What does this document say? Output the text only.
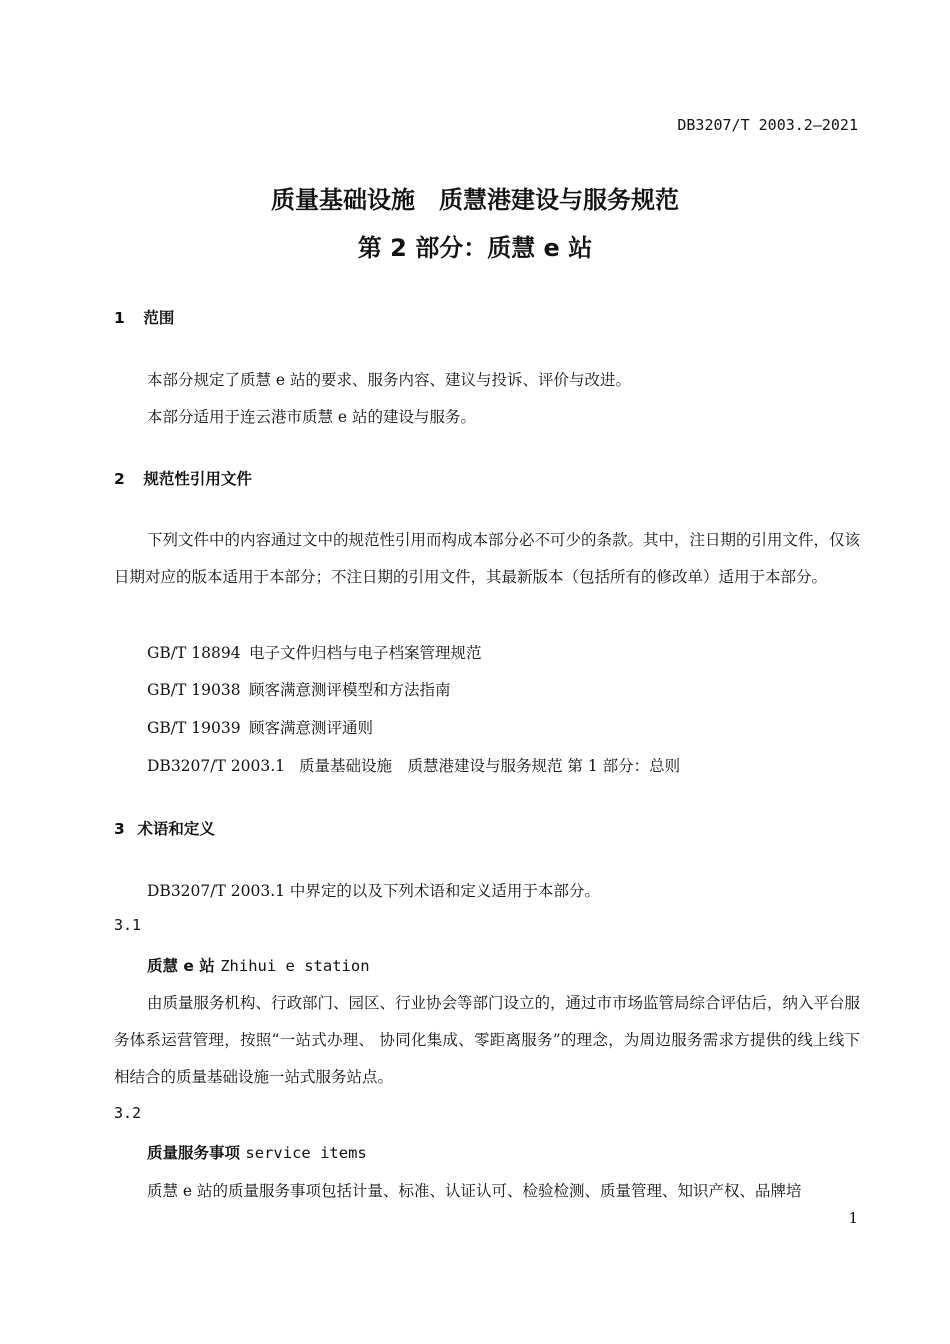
DB3207/T 2003.2—2021
质量基础设施　质慧港建设与服务规范
第 2 部分：质慧 e 站
1 范围
本部分规定了质慧 e 站的要求、服务内容、建议与投诉、评价与改进。
本部分适用于连云港市质慧 e 站的建设与服务。
2 规范性引用文件
下列文件中的内容通过文中的规范性引用而构成本部分必不可少的条款。其中，注日期的引用文件，仅该日期对应的版本适用于本部分；不注日期的引用文件，其最新版本（包括所有的修改单）适用于本部分。
GB/T 18894 电子文件归档与电子档案管理规范
GB/T 19038 顾客满意测评模型和方法指南
GB/T 19039 顾客满意测评通则
DB3207/T 2003.1 质量基础设施　质慧港建设与服务规范 第 1 部分：总则
3 术语和定义
DB3207/T 2003.1 中界定的以及下列术语和定义适用于本部分。
3.1
质慧 e 站 Zhihui e station
由质量服务机构、行政部门、园区、行业协会等部门设立的，通过市市场监管局综合评估后，纳入平台服务体系运营管理，按照“一站式办理、 协同化集成、零距离服务”的理念，为周边服务需求方提供的线上线下相结合的质量基础设施一站式服务站点。
3.2
质量服务事项 service items
质慧 e 站的质量服务事项包括计量、标准、认证认可、检验检测、质量管理、知识产权、品牌培
1
